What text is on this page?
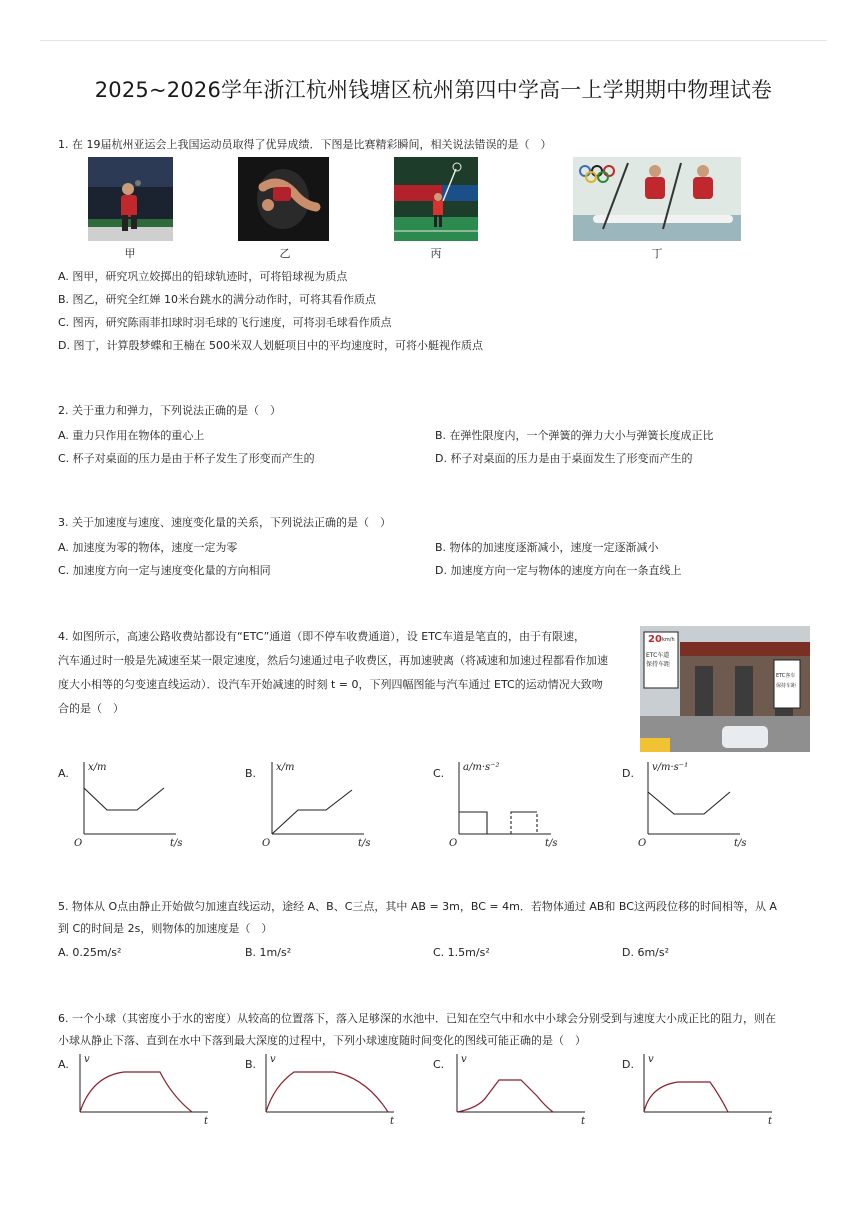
2025~2026学年浙江杭州钱塘区杭州第四中学高一上学期期中物理试卷
1. 在 19届杭州亚运会上我国运动员取得了优异成绩．下图是比赛精彩瞬间，相关说法错误的是（　）
甲	乙	丙	丁
A. 图甲，研究巩立姣掷出的铅球轨迹时，可将铅球视为质点
B. 图乙，研究全红婵 10米台跳水的满分动作时，可将其看作质点
C. 图丙，研究陈雨菲扣球时羽毛球的飞行速度，可将羽毛球看作质点
D. 图丁，计算殷梦蝶和王楠在 500米双人划艇项目中的平均速度时，可将小艇视作质点
2. 关于重力和弹力，下列说法正确的是（　）
A. 重力只作用在物体的重心上	B. 在弹性限度内，一个弹簧的弹力大小与弹簧长度成正比
C. 杯子对桌面的压力是由于杯子发生了形变而产生的	D. 杯子对桌面的压力是由于桌面发生了形变而产生的
3. 关于加速度与速度、速度变化量的关系，下列说法正确的是（　）
A. 加速度为零的物体，速度一定为零	B. 物体的加速度逐渐减小，速度一定逐渐减小
C. 加速度方向一定与速度变化量的方向相同	D. 加速度方向一定与物体的速度方向在一条直线上
4. 如图所示，高速公路收费站都设有“ETC”通道（即不停车收费通道），设 ETC车道是笔直的，由于有限速，
汽车通过时一般是先减速至某一限定速度，然后匀速通过电子收费区，再加速驶离（将减速和加速过程都看作加速
度大小相等的匀变速直线运动）．设汽车开始减速的时刻 t = 0，下列四幅图能与汽车通过 ETC的运动情况大致吻
合的是（　）
20 km/h
ETC车道
保持车距
ETC客车
保持车距
A. x/m
t/s
O
B. x/m
t/s
O
C. a/m·s⁻²
t/s
O
D. v/m·s⁻¹
t/s
O
5. 物体从 O点由静止开始做匀加速直线运动，途经 A、B、C三点，其中 AB = 3m，BC = 4m．若物体通过 AB和 BC这两段位移的时间相等，从 A
到 C的时间是 2s，则物体的加速度是（　）
A. 0.25m/s²	B. 1m/s²	C. 1.5m/s²	D. 6m/s²
6. 一个小球（其密度小于水的密度）从较高的位置落下，落入足够深的水池中．已知在空气中和水中小球会分别受到与速度大小成正比的阻力，则在
小球从静止下落、直到在水中下落到最大深度的过程中，下列小球速度随时间变化的图线可能正确的是（　）
A. v
t
B. v
t
C. v
t
D. v
t
